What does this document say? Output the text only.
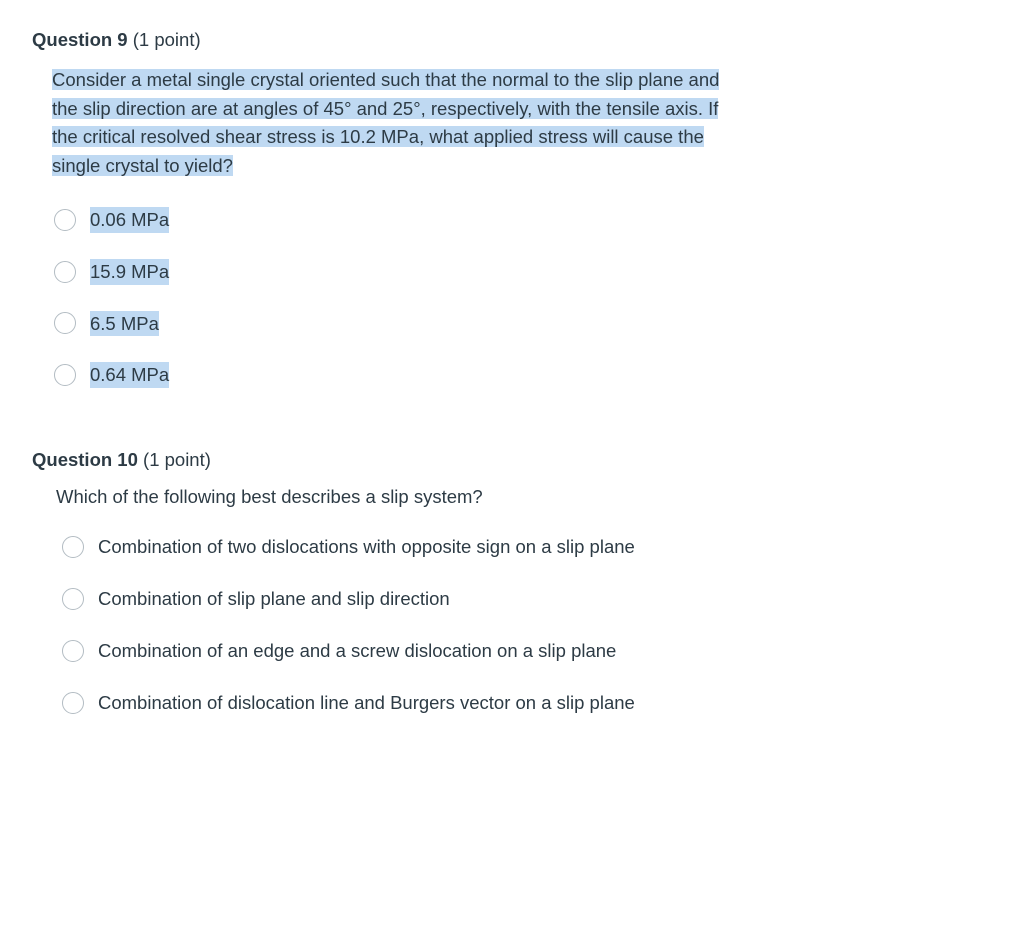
Question 9 (1 point)
Consider a metal single crystal oriented such that the normal to the slip plane and
the slip direction are at angles of 45° and 25°, respectively, with the tensile axis. If
the critical resolved shear stress is 10.2 MPa, what applied stress will cause the
single crystal to yield?
0.06 MPa
15.9 MPa
6.5 MPa
0.64 MPa
Question 10 (1 point)
Which of the following best describes a slip system?
Combination of two dislocations with opposite sign on a slip plane
Combination of slip plane and slip direction
Combination of an edge and a screw dislocation on a slip plane
Combination of dislocation line and Burgers vector on a slip plane
